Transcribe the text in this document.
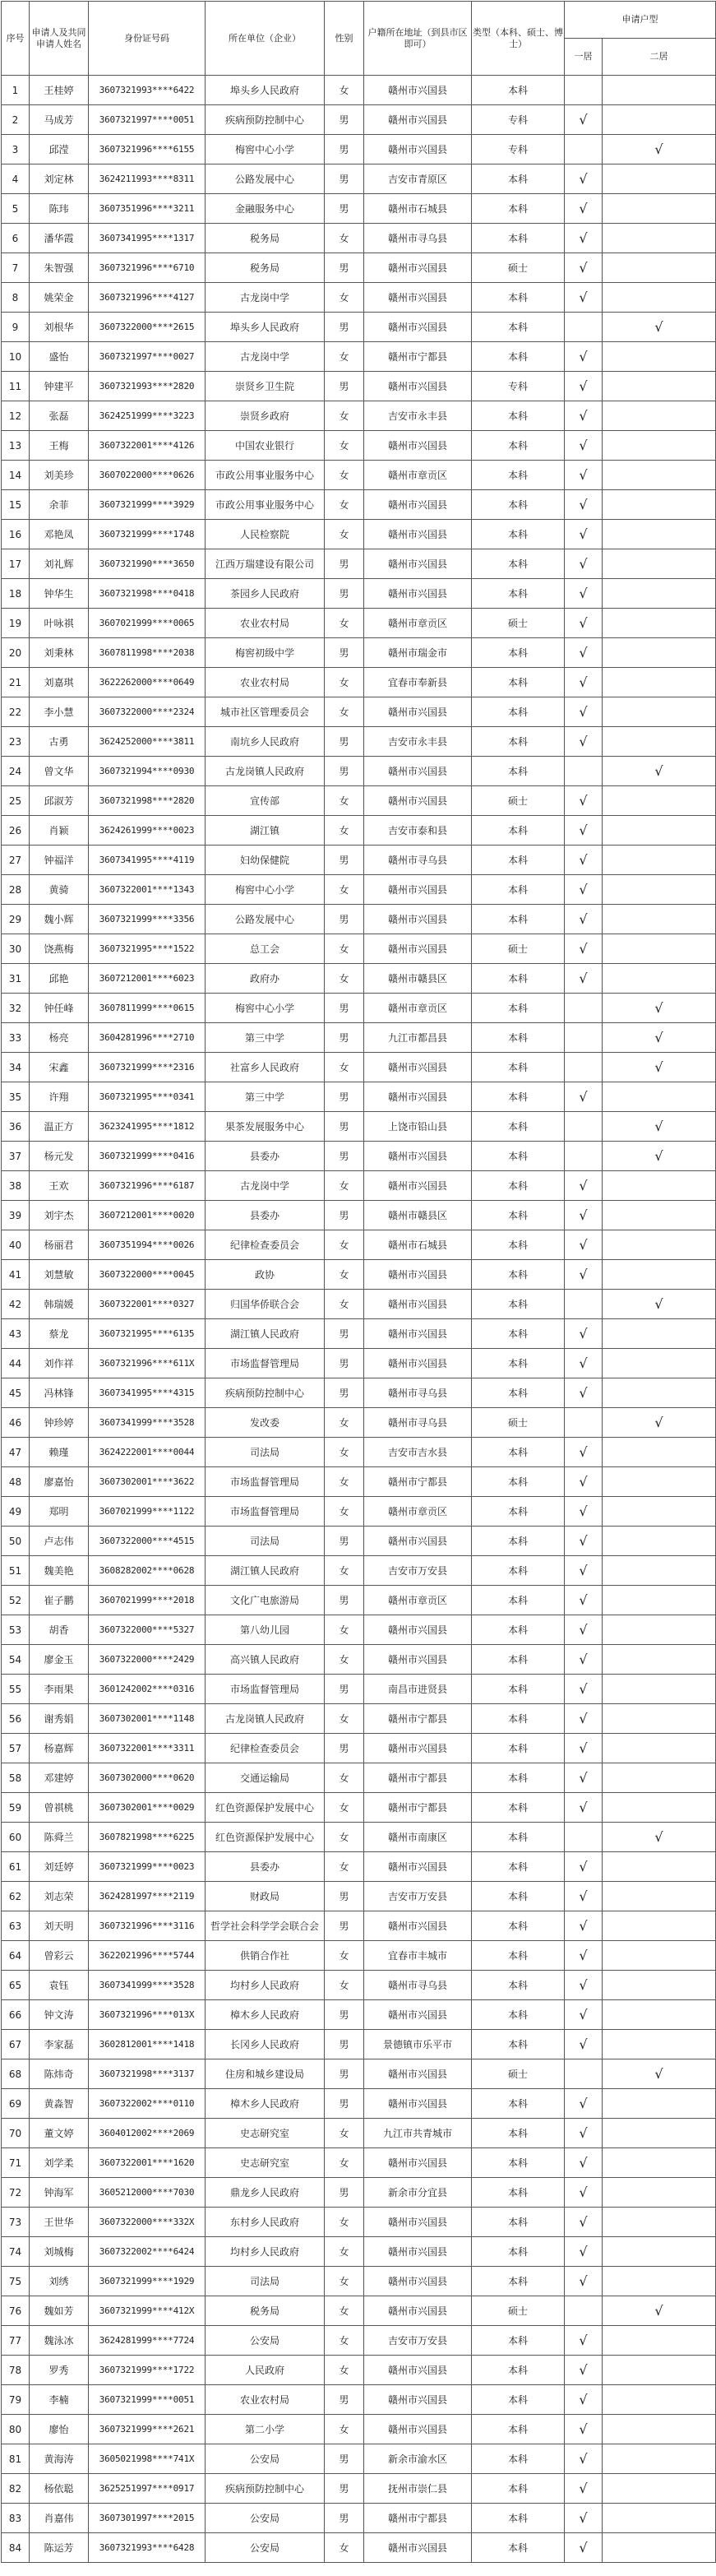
序号	申请人及共同申请人姓名	身份证号码	所在单位（企业）	性别	户籍所在地址（到县市区即可）	类型（本科、硕士、博士）	申请户型	
							一居	二居
1	王桂婷	3607321993****6422	埠头乡人民政府	女	赣州市兴国县	本科		
2	马成芳	3607321997****0051	疾病预防控制中心	男	赣州市兴国县	专科	√	
3	邱滢	3607321996****6155	梅窖中心小学	男	赣州市兴国县	专科		√
4	刘定林	3624211993****8311	公路发展中心	男	吉安市青原区	本科	√	
5	陈玮	3607351996****3211	金融服务中心	男	赣州市石城县	本科	√	
6	潘华霞	3607341995****1317	税务局	女	赣州市寻乌县	本科	√	
7	朱智强	3607321996****6710	税务局	男	赣州市兴国县	硕士	√	
8	姚荣金	3607321996****4127	古龙岗中学	女	赣州市兴国县	本科	√	
9	刘根华	3607322000****2615	埠头乡人民政府	男	赣州市兴国县	本科		√
10	盛怡	3607321997****0027	古龙岗中学	女	赣州市宁都县	本科	√	
11	钟建平	3607321993****2820	崇贤乡卫生院	男	赣州市兴国县	专科	√	
12	张磊	3624251999****3223	崇贤乡政府	女	吉安市永丰县	本科	√	
13	王梅	3607322001****4126	中国农业银行	女	赣州市兴国县	本科	√	
14	刘美珍	3607022000****0626	市政公用事业服务中心	女	赣州市章贡区	本科	√	
15	余菲	3607321999****3929	市政公用事业服务中心	女	赣州市兴国县	本科	√	
16	邓艳凤	3607321999****1748	人民检察院	女	赣州市兴国县	本科	√	
17	刘礼辉	3607321990****3650	江西万瑞建设有限公司	男	赣州市兴国县	本科	√	
18	钟华生	3607321998****0418	茶园乡人民政府	男	赣州市兴国县	本科	√	
19	叶咏祺	3607021999****0065	农业农村局	女	赣州市章贡区	硕士	√	
20	刘秉林	3607811998****2038	梅窖初级中学	男	赣州市瑞金市	本科	√	
21	刘嘉琪	3622262000****0649	农业农村局	女	宜春市奉新县	本科	√	
22	李小慧	3607322000****2324	城市社区管理委员会	女	赣州市兴国县	本科	√	
23	古勇	3624252000****3811	南坑乡人民政府	男	吉安市永丰县	本科	√	
24	曾文华	3607321994****0930	古龙岗镇人民政府	男	赣州市兴国县	本科		√
25	邱淑芳	3607321998****2820	宣传部	女	赣州市兴国县	硕士	√	
26	肖颖	3624261999****0023	湖江镇	女	吉安市泰和县	本科	√	
27	钟福洋	3607341995****4119	妇幼保健院	男	赣州市寻乌县	本科	√	
28	黄骑	3607322001****1343	梅窖中心小学	女	赣州市兴国县	本科	√	
29	魏小辉	3607321999****3356	公路发展中心	男	赣州市兴国县	本科	√	
30	饶燕梅	3607321995****1522	总工会	女	赣州市兴国县	硕士	√	
31	邱艳	3607212001****6023	政府办	女	赣州市赣县区	本科	√	
32	钟任峰	3607811999****0615	梅窖中心小学	男	赣州市章贡区	本科		√
33	杨亮	3604281996****2710	第三中学	男	九江市都昌县	本科		√
34	宋鑫	3607321999****2316	社富乡人民政府	女	赣州市兴国县	本科		√
35	许翔	3607321995****0341	第三中学	男	赣州市兴国县	本科	√	
36	温正方	3623241995****1812	果茶发展服务中心	男	上饶市铅山县	本科		√
37	杨元发	3607321999****0416	县委办	男	赣州市兴国县	本科		√
38	王欢	3607321996****6187	古龙岗中学	女	赣州市兴国县	本科	√	
39	刘宇杰	3607212001****0020	县委办	男	赣州市赣县区	本科	√	
40	杨丽君	3607351994****0026	纪律检查委员会	女	赣州市石城县	本科	√	
41	刘慧敏	3607322000****0045	政协	女	赣州市兴国县	本科	√	
42	韩瑞媛	3607322001****0327	归国华侨联合会	女	赣州市兴国县	本科		√
43	蔡龙	3607321995****6135	湖江镇人民政府	男	赣州市兴国县	本科	√	
44	刘作祥	3607321996****611X	市场监督管理局	男	赣州市兴国县	本科	√	
45	冯林锋	3607341995****4315	疾病预防控制中心	男	赣州市寻乌县	本科	√	
46	钟珍婷	3607341999****3528	发改委	女	赣州市寻乌县	硕士		√
47	赖瑾	3624222001****0044	司法局	女	吉安市吉水县	本科	√	
48	廖嘉怡	3607302001****3622	市场监督管理局	女	赣州市宁都县	本科	√	
49	郑明	3607021999****1122	市场监督管理局	女	赣州市章贡区	本科	√	
50	卢志伟	3607322000****4515	司法局	男	赣州市兴国县	本科	√	
51	魏美艳	3608282002****0628	湖江镇人民政府	女	吉安市万安县	本科	√	
52	崔子鹏	3607021999****2018	文化广电旅游局	男	赣州市章贡区	本科	√	
53	胡香	3607322000****5327	第八幼儿园	女	赣州市兴国县	本科	√	
54	廖金玉	3607322000****2429	高兴镇人民政府	女	赣州市兴国县	本科	√	
55	李雨果	3601242002****0316	市场监督管理局	男	南昌市进贤县	本科	√	
56	谢秀娟	3607302001****1148	古龙岗镇人民政府	女	赣州市宁都县	本科	√	
57	杨嘉辉	3607322001****3311	纪律检查委员会	男	赣州市兴国县	本科	√	
58	邓建婷	3607302000****0620	交通运输局	女	赣州市宁都县	本科	√	
59	曾祺桃	3607302001****0029	红色资源保护发展中心	女	赣州市宁都县	本科	√	
60	陈舜兰	3607821998****6225	红色资源保护发展中心	女	赣州市南康区	本科		√
61	刘廷婷	3607321999****0023	县委办	女	赣州市兴国县	本科	√	
62	刘志荣	3624281997****2119	财政局	男	吉安市万安县	本科	√	
63	刘天明	3607321996****3116	哲学社会科学学会联合会	男	赣州市兴国县	本科	√	
64	曾彩云	3622021996****5744	供销合作社	女	宜春市丰城市	本科	√	
65	袁钰	3607341999****3528	均村乡人民政府	女	赣州市寻乌县	本科	√	
66	钟文涛	3607321996****013X	樟木乡人民政府	男	赣州市兴国县	本科	√	
67	李家磊	3602812001****1418	长冈乡人民政府	男	景德镇市乐平市	本科	√	
68	陈炜奇	3607321998****3137	住房和城乡建设局	男	赣州市兴国县	硕士		√
69	黄淼智	3607322002****0110	樟木乡人民政府	男	赣州市兴国县	本科	√	
70	董文婷	3604012002****2069	史志研究室	女	九江市共青城市	本科	√	
71	刘学柔	3607322001****1620	史志研究室	女	赣州市兴国县	本科	√	
72	钟海军	3605212000****7030	鼎龙乡人民政府	男	新余市分宜县	本科	√	
73	王世华	3607322000****332X	东村乡人民政府	女	赣州市兴国县	本科	√	
74	刘城梅	3607322002****6424	均村乡人民政府	女	赣州市兴国县	本科	√	
75	刘绣	3607321999****1929	司法局	女	赣州市兴国县	本科	√	
76	魏如芳	3607321999****412X	税务局	女	赣州市兴国县	硕士		√
77	魏泳冰	3624281999****7724	公安局	女	吉安市万安县	本科	√	
78	罗秀	3607321999****1722	人民政府	女	赣州市兴国县	本科	√	
79	李楠	3607321999****0051	农业农村局	男	赣州市兴国县	本科	√	
80	廖怡	3607321999****2621	第二小学	女	赣州市兴国县	本科	√	
81	黄海涛	3605021998****741X	公安局	男	新余市渝水区	本科	√	
82	杨依聪	3625251997****0917	疾病预防控制中心	男	抚州市崇仁县	本科	√	
83	肖嘉伟	3607301997****2015	公安局	男	赣州市宁都县	本科	√	
84	陈运芳	3607321993****6428	公安局	女	赣州市兴国县	本科	√	
